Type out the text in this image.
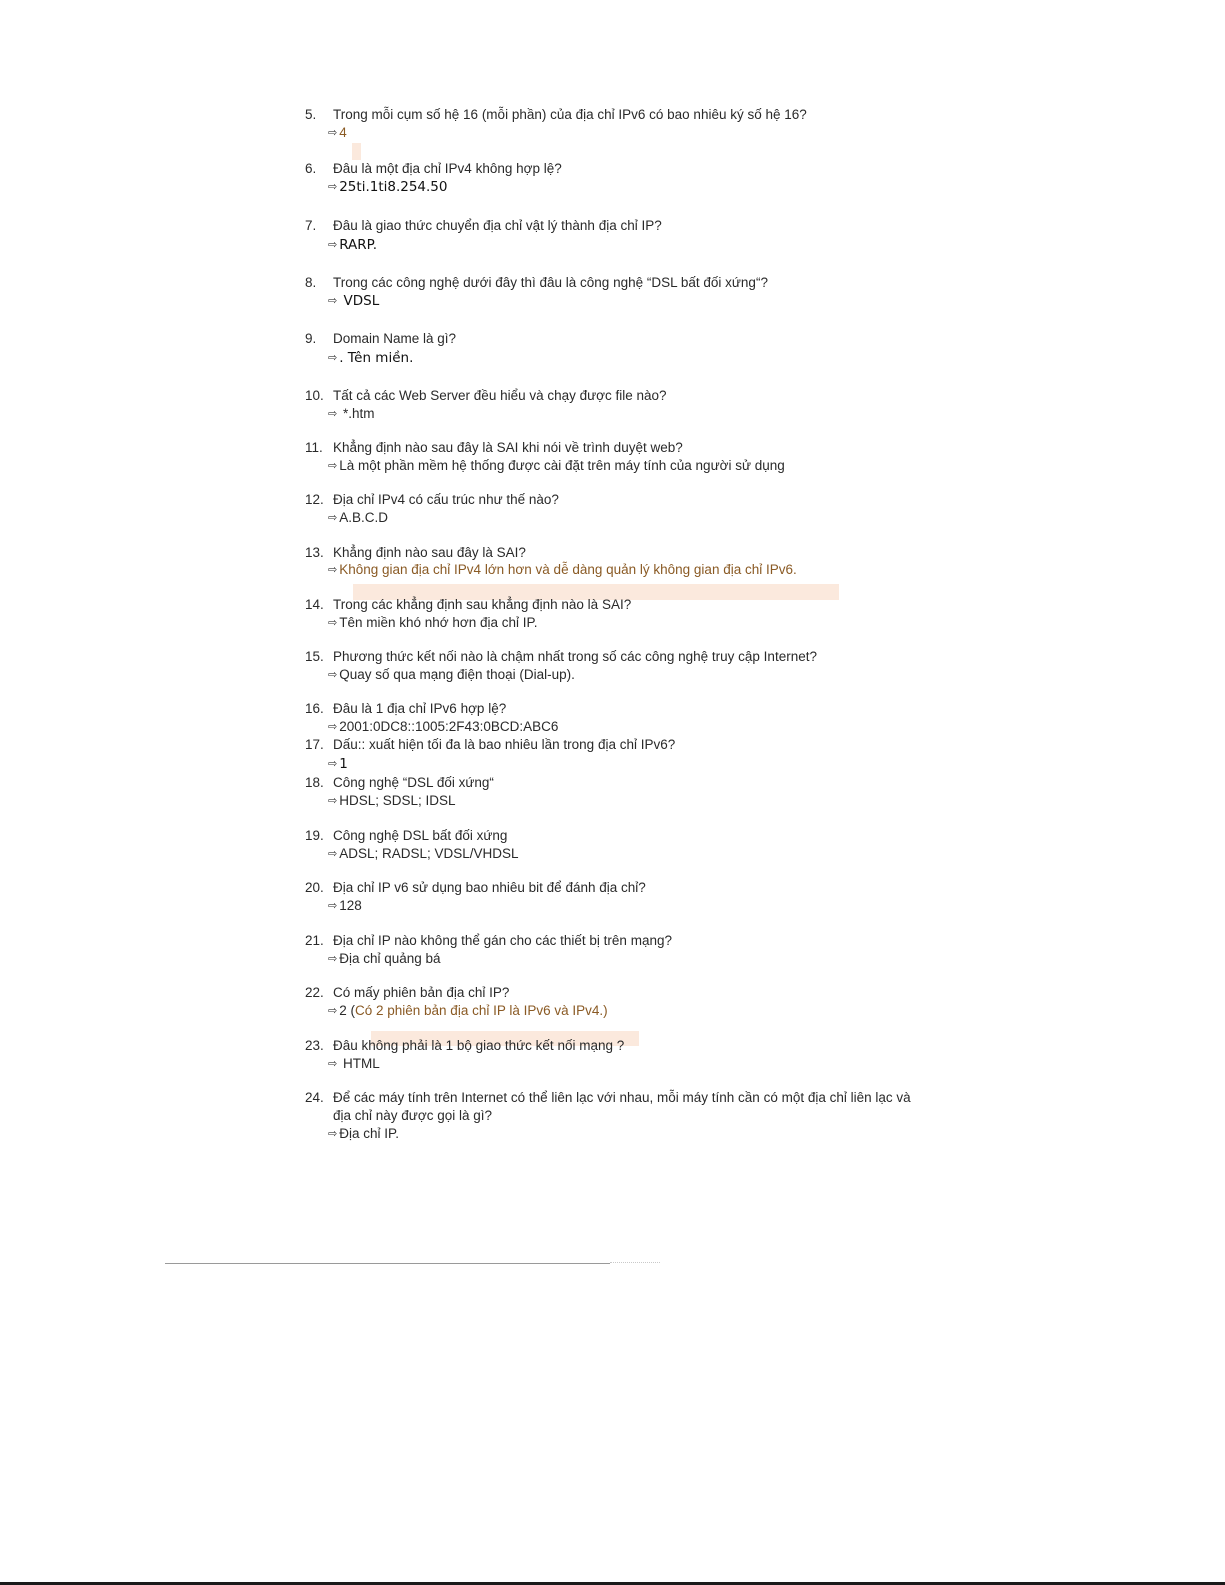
5. Trong mỗi cụm số hệ 16 (mỗi phần) của địa chỉ IPv6 có bao nhiêu ký số hệ 16?
⇨ 4
6. Đâu là một địa chỉ IPv4 không hợp lệ?
⇨ 25ti.1ti8.254.50
7. Đâu là giao thức chuyển địa chỉ vật lý thành địa chỉ IP?
⇨ RARP.
8. Trong các công nghệ dưới đây thì đâu là công nghệ “DSL bất đối xứng“?
⇨ VDSL
9. Domain Name là gì?
⇨ . Tên miền.
10. Tất cả các Web Server đều hiểu và chạy được file nào?
⇨ *.htm
11. Khẳng định nào sau đây là SAI khi nói về trình duyệt web?
⇨ Là một phần mềm hệ thống được cài đặt trên máy tính của người sử dụng
12. Địa chỉ IPv4 có cấu trúc như thế nào?
⇨ A.B.C.D
13. Khẳng định nào sau đây là SAI?
⇨ Không gian địa chỉ IPv4 lớn hơn và dễ dàng quản lý không gian địa chỉ IPv6.
14. Trong các khẳng định sau khẳng định nào là SAI?
⇨ Tên miền khó nhớ hơn địa chỉ IP.
15. Phương thức kết nối nào là chậm nhất trong số các công nghệ truy cập Internet?
⇨ Quay số qua mạng điện thoại (Dial-up).
16. Đâu là 1 địa chỉ IPv6 hợp lệ?
⇨ 2001:0DC8::1005:2F43:0BCD:ABC6
17. Dấu:: xuất hiện tối đa là bao nhiêu lần trong địa chỉ IPv6?
⇨ 1
18. Công nghệ “DSL đối xứng“
⇨ HDSL; SDSL; IDSL
19. Công nghệ DSL bất đối xứng
⇨ ADSL; RADSL; VDSL/VHDSL
20. Địa chỉ IP v6 sử dụng bao nhiêu bit để đánh địa chỉ?
⇨ 128
21. Địa chỉ IP nào không thể gán cho các thiết bị trên mạng?
⇨ Địa chỉ quảng bá
22. Có mấy phiên bản địa chỉ IP?
⇨ 2 (Có 2 phiên bản địa chỉ IP là IPv6 và IPv4.)
23. Đâu không phải là 1 bộ giao thức kết nối mạng ?
⇨ HTML
24. Để các máy tính trên Internet có thể liên lạc với nhau, mỗi máy tính cần có một địa chỉ liên lạc và
địa chỉ này được gọi là gì?
⇨ Địa chỉ IP.
